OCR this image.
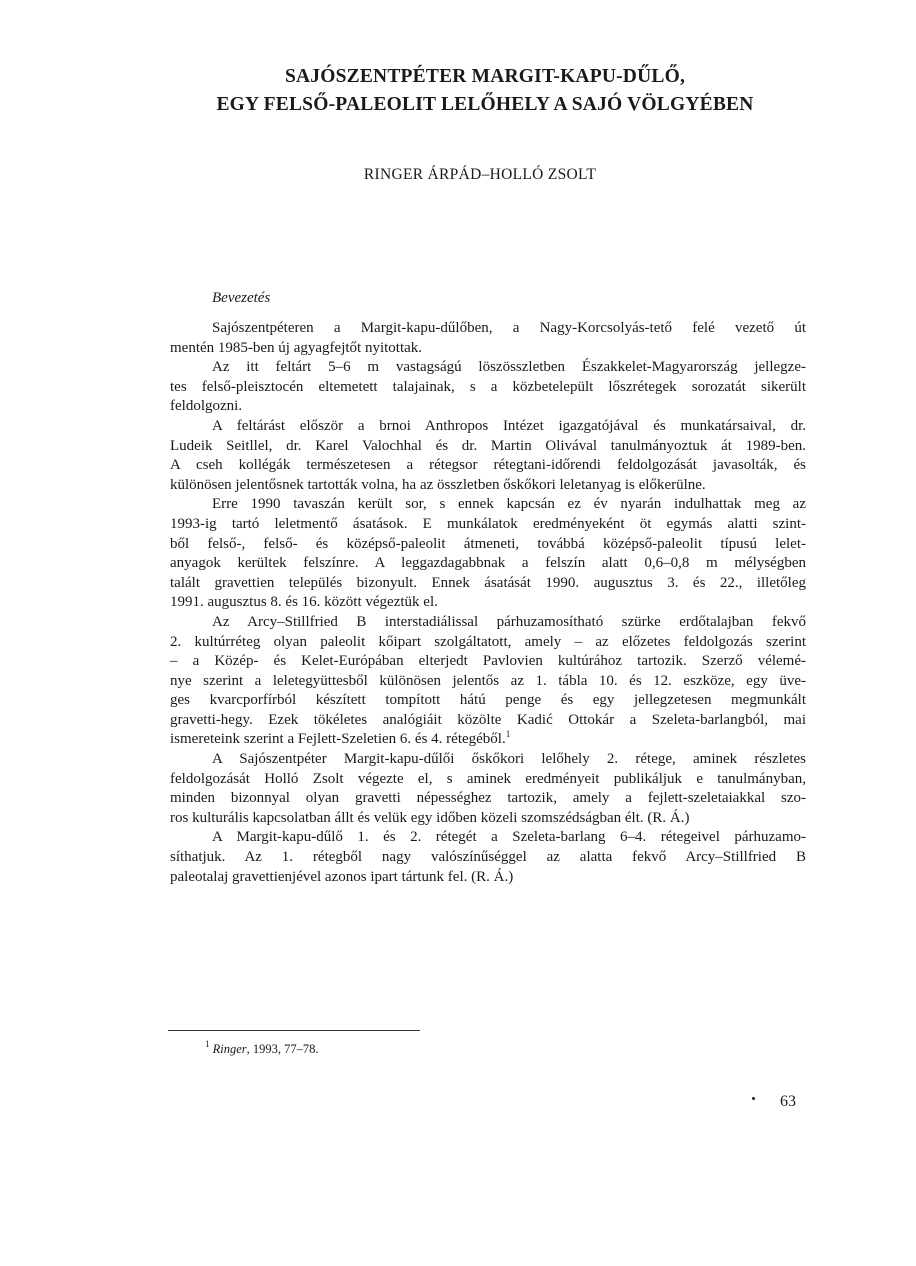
SAJÓSZENTPÉTER MARGIT-KAPU-DŰLŐ,
EGY FELSŐ-PALEOLIT LELŐHELY A SAJÓ VÖLGYÉBEN
RINGER ÁRPÁD–HOLLÓ ZSOLT
Bevezetés

Sajószentpéteren a Margit-kapu-dűlőben, a Nagy-Korcsolyás-tető felé vezető út
mentén 1985-ben új agyagfejtőt nyitottak.

Az itt feltárt 5–6 m vastagságú löszösszletben Északkelet-Magyarország jellegze-
tes felső-pleisztocén eltemetett talajainak, s a közbetelepült lőszrétegek sorozatát sikerült
feldolgozni.

A feltárást először a brnoi Anthropos Intézet igazgatójával és munkatársaival, dr.
Ludeik Seitllel, dr. Karel Valochhal és dr. Martin Olivával tanulmányoztuk át 1989-ben.
A cseh kollégák természetesen a rétegsor rétegtani-időrendi feldolgozását javasolták, és
különösen jelentősnek tartották volna, ha az összletben őskőkori leletanyag is előkerülne.

Erre 1990 tavaszán került sor, s ennek kapcsán ez év nyarán indulhattak meg az
1993-ig tartó leletmentő ásatások. E munkálatok eredményeként öt egymás alatti szint-
ből felső-, felső- és középső-paleolit átmeneti, továbbá középső-paleolit típusú lelet-
anyagok kerültek felszínre. A leggazdagabbnak a felszín alatt 0,6–0,8 m mélységben
talált gravettien település bizonyult. Ennek ásatását 1990. augusztus 3. és 22., illetőleg
1991. augusztus 8. és 16. között végeztük el.

Az Arcy–Stillfried B interstadiálissal párhuzamosítható szürke erdőtalajban fekvő
2. kultúrréteg olyan paleolit kőipart szolgáltatott, amely – az előzetes feldolgozás szerint
– a Közép- és Kelet-Európában elterjedt Pavlovien kultúrához tartozik. Szerző vélemé-
nye szerint a leletegyüttesből különösen jelentős az 1. tábla 10. és 12. eszköze, egy üve-
ges kvarcporfírból készített tompított hátú penge és egy jellegzetesen megmunkált
gravetti-hegy. Ezek tökéletes analógiáit közölte Kadić Ottokár a Szeleta-barlangból, mai
ismereteink szerint a Fejlett-Szeletien 6. és 4. rétegéből.$^1$

A Sajószentpéter Margit-kapu-dűlői őskőkori lelőhely 2. rétege, aminek részletes
feldolgozását Holló Zsolt végezte el, s aminek eredményeit publikáljuk e tanulmányban,
minden bizonnyal olyan gravetti népességhez tartozik, amely a fejlett-szeletaiakkal szo-
ros kulturális kapcsolatban állt és velük egy időben közeli szomszédságban élt. (R. Á.)

A Margit-kapu-dűlő 1. és 2. rétegét a Szeleta-barlang 6–4. rétegeivel párhuzamo-
síthatjuk. Az 1. rétegből nagy valószínűséggel az alatta fekvő Arcy–Stillfried B
paleotalaj gravettienjével azonos ipart tártunk fel. (R. Á.)

$^1$ Ringer, 1993, 77–78.
63
